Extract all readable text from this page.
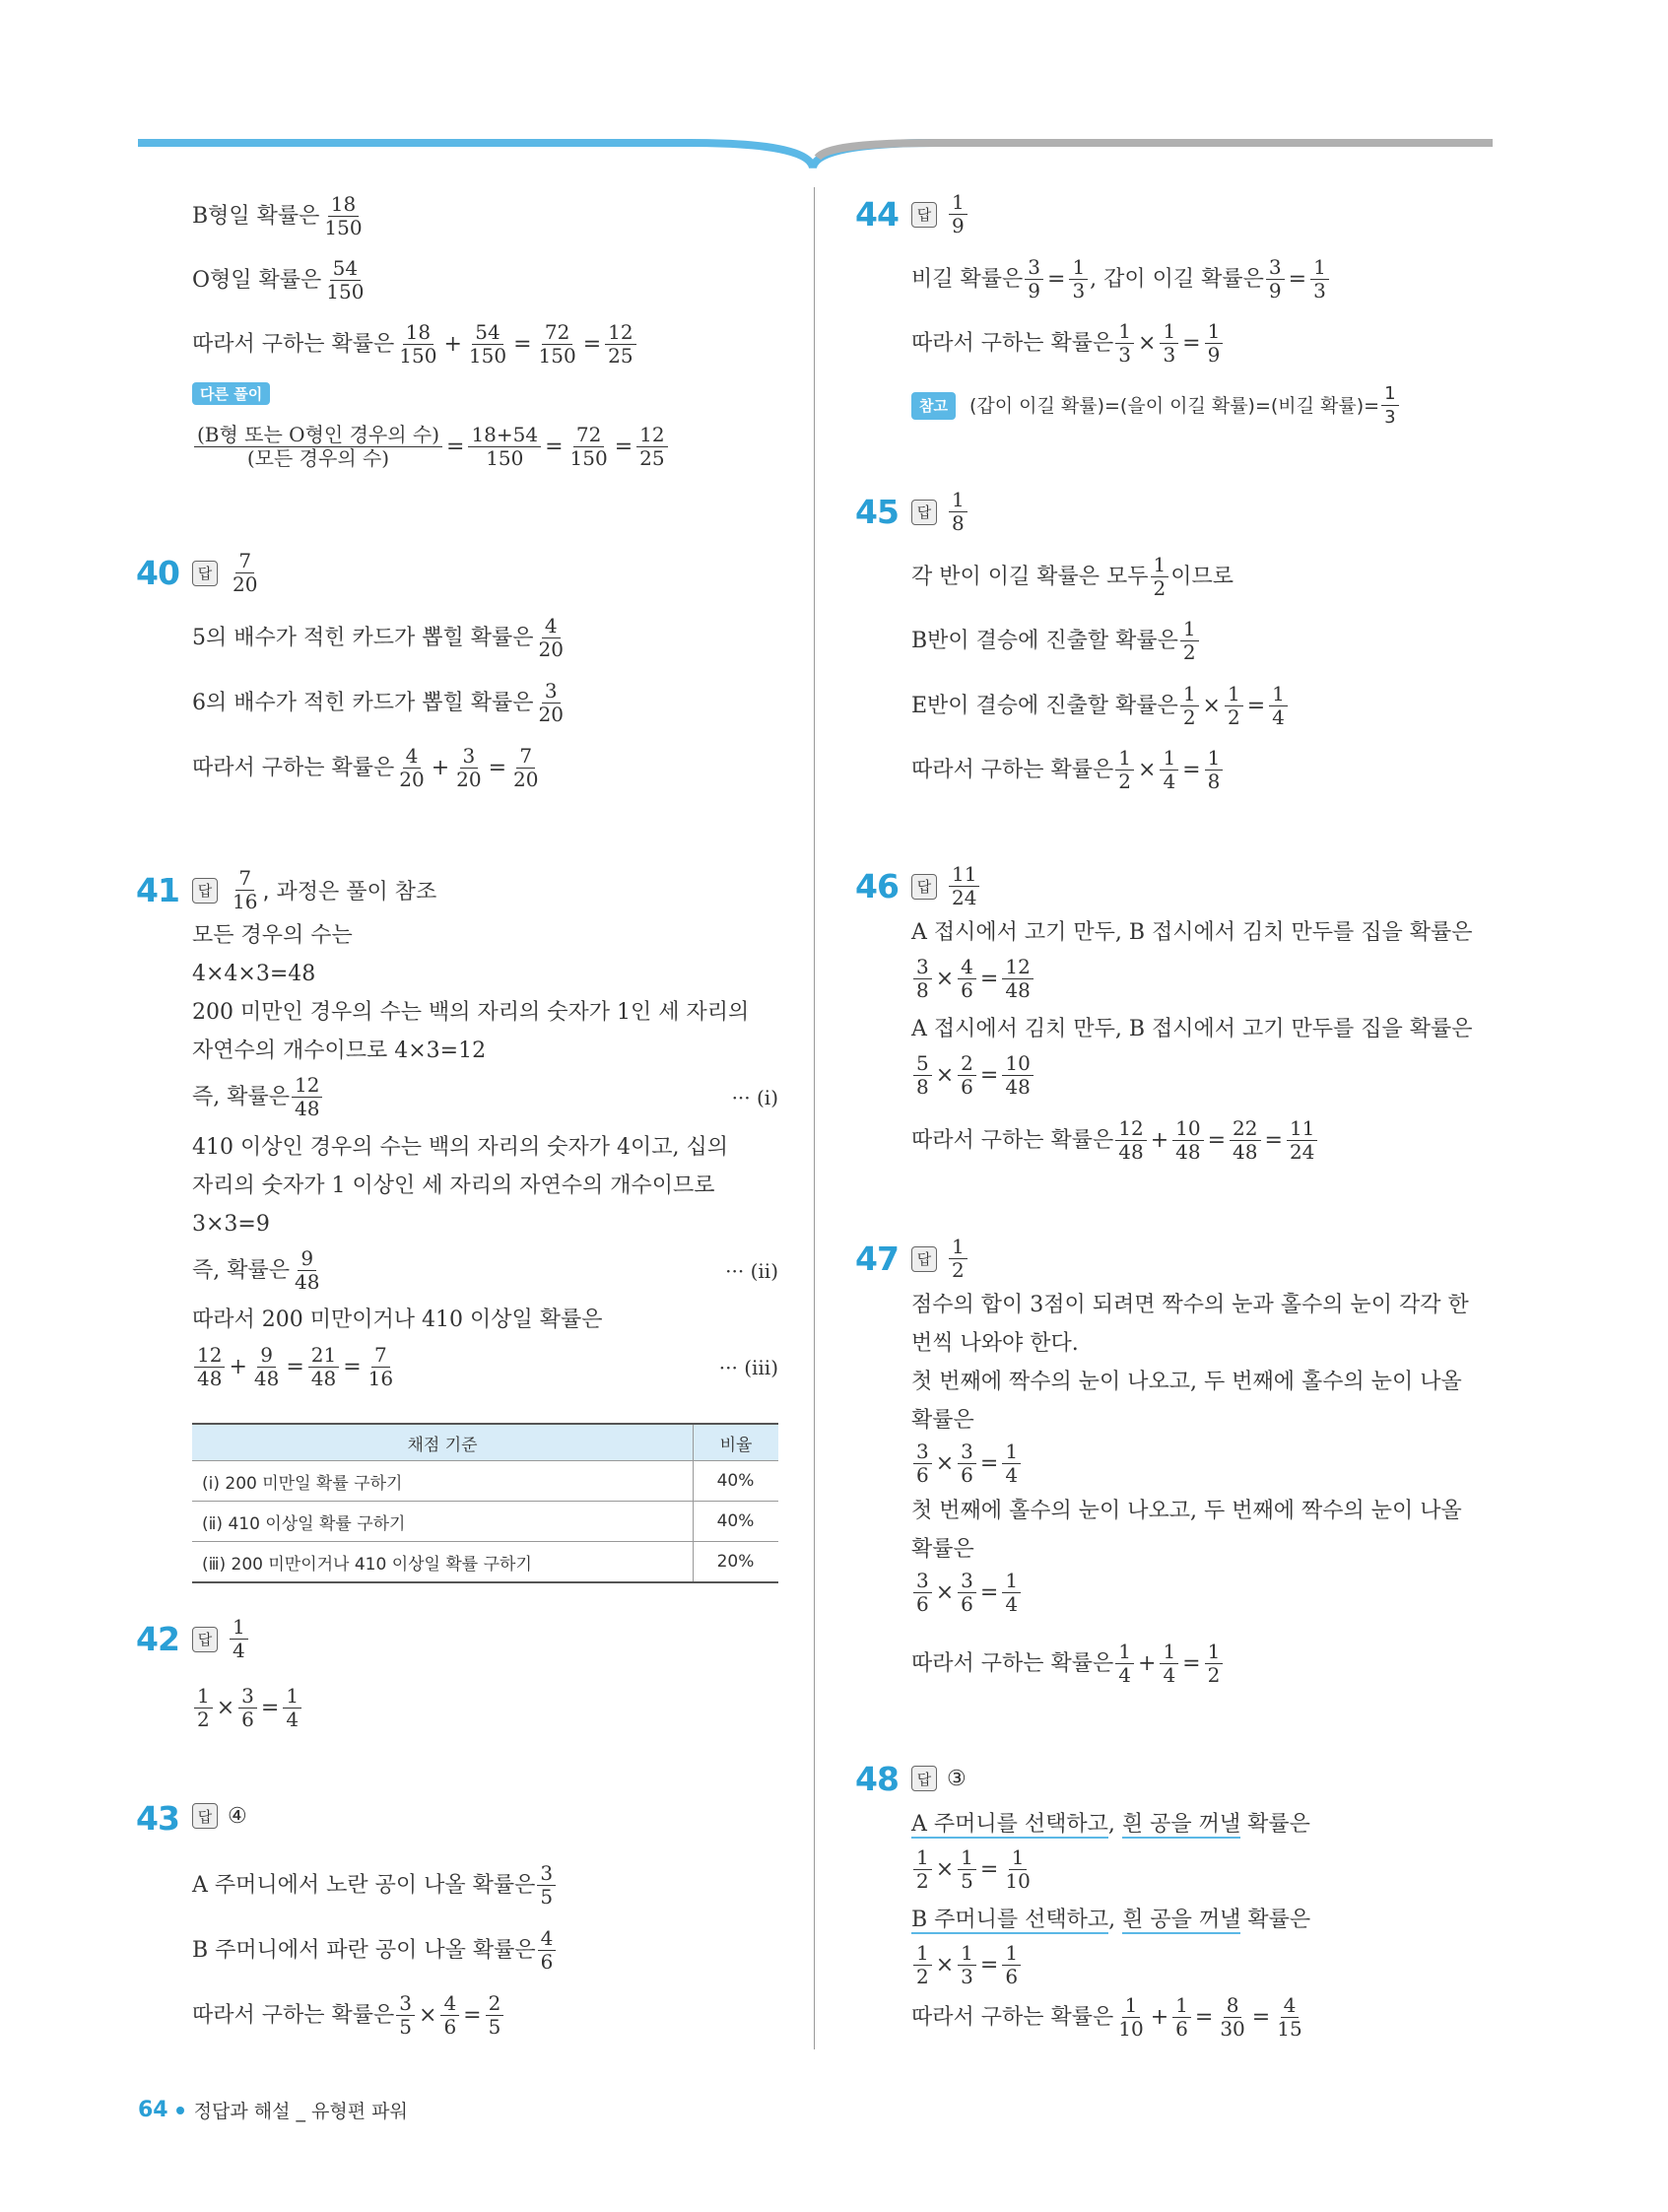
B형일 확률은 $\frac{18}{150}$
O형일 확률은 $\frac{54}{150}$
따라서 구하는 확률은 $\frac{18}{150} + \frac{54}{150} = \frac{72}{150} = \frac{12}{25}$
다른 풀이
$\frac{\text{(B형 또는 O형인 경우의 수)}}{\text{(모든 경우의 수)}} = \frac{18+54}{150} = \frac{72}{150} = \frac{12}{25}$
40	답 $\frac{7}{20}$
5의 배수가 적힌 카드가 뽑힐 확률은 $\frac{4}{20}$
6의 배수가 적힌 카드가 뽑힐 확률은 $\frac{3}{20}$
따라서 구하는 확률은 $\frac{4}{20} + \frac{3}{20} = \frac{7}{20}$
41	답 $\frac{7}{16}$ , 과정은 풀이 참조
모든 경우의 수는
4×4×3=48
200 미만인 경우의 수는 백의 자리의 숫자가 1인 세 자리의
자연수의 개수이므로 4×3=12
즉, 확률은 $\frac{12}{48}$	··· (ⅰ)
410 이상인 경우의 수는 백의 자리의 숫자가 4이고, 십의
자리의 숫자가 1 이상인 세 자리의 자연수의 개수이므로
3×3=9
즉, 확률은 $\frac{9}{48}$	··· (ⅱ)
따라서 200 미만이거나 410 이상일 확률은
$\frac{12}{48} + \frac{9}{48} = \frac{21}{48} = \frac{7}{16}$	··· (ⅲ)
채점 기준	비율
(ⅰ) 200 미만일 확률 구하기	40%
(ⅱ) 410 이상일 확률 구하기	40%
(ⅲ) 200 미만이거나 410 이상일 확률 구하기	20%
42	답 $\frac{1}{4}$
$\frac{1}{2} \times \frac{3}{6} = \frac{1}{4}$
43	답 ④
A 주머니에서 노란 공이 나올 확률은 $\frac{3}{5}$
B 주머니에서 파란 공이 나올 확률은 $\frac{4}{6}$
따라서 구하는 확률은 $\frac{3}{5} \times \frac{4}{6} = \frac{2}{5}$
44	답 $\frac{1}{9}$
비길 확률은 $\frac{3}{9} = \frac{1}{3}$ , 갑이 이길 확률은 $\frac{3}{9} = \frac{1}{3}$
따라서 구하는 확률은 $\frac{1}{3} \times \frac{1}{3} = \frac{1}{9}$
참고
	(갑이 이길 확률)=(을이 이길 확률)=(비길 확률)= $\frac{1}{3}$
45	답 $\frac{1}{8}$
각 반이 이길 확률은 모두 $\frac{1}{2}$ 이므로
B반이 결승에 진출할 확률은 $\frac{1}{2}$
E반이 결승에 진출할 확률은 $\frac{1}{2} \times \frac{1}{2} = \frac{1}{4}$
따라서 구하는 확률은 $\frac{1}{2} \times \frac{1}{4} = \frac{1}{8}$
46	답 $\frac{11}{24}$
A 접시에서 고기 만두, B 접시에서 김치 만두를 집을 확률은
$\frac{3}{8} \times \frac{4}{6} = \frac{12}{48}$
A 접시에서 김치 만두, B 접시에서 고기 만두를 집을 확률은
$\frac{5}{8} \times \frac{2}{6} = \frac{10}{48}$
따라서 구하는 확률은 $\frac{12}{48} + \frac{10}{48} = \frac{22}{48} = \frac{11}{24}$
47	답 $\frac{1}{2}$
점수의 합이 3점이 되려면 짝수의 눈과 홀수의 눈이 각각 한
번씩 나와야 한다.
첫 번째에 짝수의 눈이 나오고, 두 번째에 홀수의 눈이 나올
확률은
$\frac{3}{6} \times \frac{3}{6} = \frac{1}{4}$
첫 번째에 홀수의 눈이 나오고, 두 번째에 짝수의 눈이 나올
확률은
$\frac{3}{6} \times \frac{3}{6} = \frac{1}{4}$
따라서 구하는 확률은 $\frac{1}{4} + \frac{1}{4} = \frac{1}{2}$
48	답 ③
A 주머니를 선택하고, 흰 공을 꺼낼 확률은
$\frac{1}{2} \times \frac{1}{5} = \frac{1}{10}$
B 주머니를 선택하고, 흰 공을 꺼낼 확률은
$\frac{1}{2} \times \frac{1}{3} = \frac{1}{6}$
따라서 구하는 확률은 $\frac{1}{10} + \frac{1}{6} = \frac{8}{30} = \frac{4}{15}$
64 정답과 해설 _ 유형편 파워
